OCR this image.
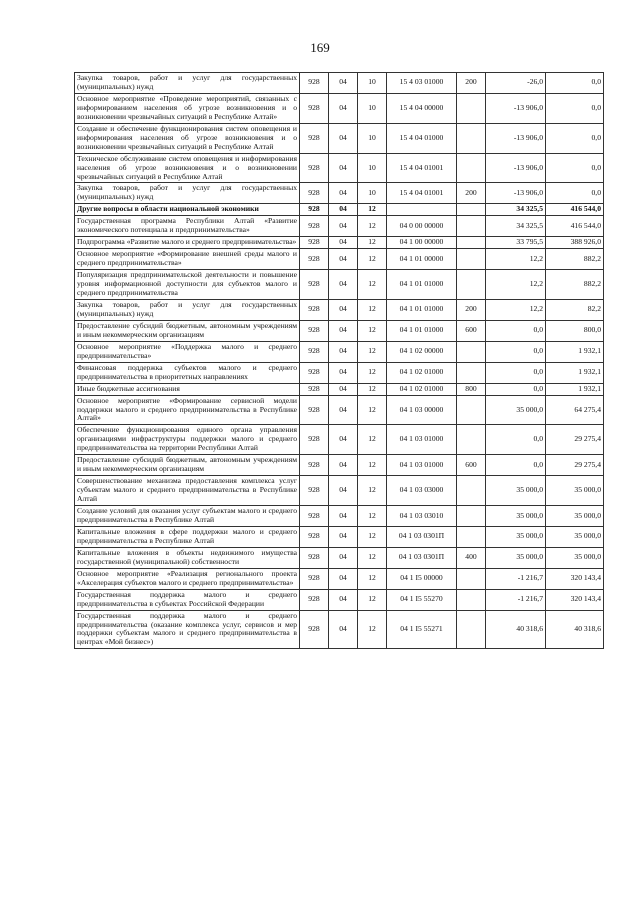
169
Закупка товаров, работ и услуг для государственных (муниципальных) нужд	928	04	10	15 4 03 01000	200	-26,0	0,0
Основное мероприятие «Проведение мероприятий, связанных с информированием населения об угрозе возникновения и о возникновении чрезвычайных ситуаций в Республике Алтай»	928	04	10	15 4 04 00000		-13 906,0	0,0
Создание и обеспечение функционирования систем оповещения и информирования населения об угрозе возникновения и о возникновении чрезвычайных ситуаций в Республике Алтай	928	04	10	15 4 04 01000		-13 906,0	0,0
Техническое обслуживание систем оповещения и информирования населения об угрозе возникновения и о возникновении чрезвычайных ситуаций в Республике Алтай	928	04	10	15 4 04 01001		-13 906,0	0,0
Закупка товаров, работ и услуг для государственных (муниципальных) нужд	928	04	10	15 4 04 01001	200	-13 906,0	0,0
Другие вопросы в области национальной экономики	928	04	12			34 325,5	416 544,0
Государственная программа Республики Алтай «Развитие экономического потенциала и предпринимательства»	928	04	12	04 0 00 00000		34 325,5	416 544,0
Подпрограмма «Развитие малого и среднего предпринимательства»	928	04	12	04 1 00 00000		33 795,5	388 926,0
Основное мероприятие «Формирование внешней среды малого и среднего предпринимательства»	928	04	12	04 1 01 00000		12,2	882,2
Популяризация предпринимательской деятельности и повышение уровня информационной доступности для субъектов малого и среднего предпринимательства	928	04	12	04 1 01 01000		12,2	882,2
Закупка товаров, работ и услуг для государственных (муниципальных) нужд	928	04	12	04 1 01 01000	200	12,2	82,2
Предоставление субсидий бюджетным, автономным учреждениям и иным некоммерческим организациям	928	04	12	04 1 01 01000	600	0,0	800,0
Основное мероприятие «Поддержка малого и среднего предпринимательства»	928	04	12	04 1 02 00000		0,0	1 932,1
Финансовая поддержка субъектов малого и среднего предпринимательства в приоритетных направлениях	928	04	12	04 1 02 01000		0,0	1 932,1
Иные бюджетные ассигнования	928	04	12	04 1 02 01000	800	0,0	1 932,1
Основное мероприятие «Формирование сервисной модели поддержки малого и среднего предпринимательства в Республике Алтай»	928	04	12	04 1 03 00000		35 000,0	64 275,4
Обеспечение функционирования единого органа управления организациями инфраструктуры поддержки малого и среднего предпринимательства на территории Республики Алтай	928	04	12	04 1 03 01000		0,0	29 275,4
Предоставление субсидий бюджетным, автономным учреждениям и иным некоммерческим организациям	928	04	12	04 1 03 01000	600	0,0	29 275,4
Совершенствование механизма предоставления комплекса услуг субъектам малого и среднего предпринимательства в Республике Алтай	928	04	12	04 1 03 03000		35 000,0	35 000,0
Создание условий для оказания услуг субъектам малого и среднего предпринимательства в Республике Алтай	928	04	12	04 1 03 03010		35 000,0	35 000,0
Капитальные вложения в сфере поддержки малого и среднего предпринимательства в Республике Алтай	928	04	12	04 1 03 0301П		35 000,0	35 000,0
Капитальные вложения в объекты недвижимого имущества государственной (муниципальной) собственности	928	04	12	04 1 03 0301П	400	35 000,0	35 000,0
Основное мероприятие «Реализация регионального проекта «Акселерация субъектов малого и среднего предпринимательства»	928	04	12	04 1 I5 00000		-1 216,7	320 143,4
Государственная поддержка малого и среднего предпринимательства в субъектах Российской Федерации	928	04	12	04 1 I5 55270		-1 216,7	320 143,4
Государственная поддержка малого и среднего предпринимательства (оказание комплекса услуг, сервисов и мер поддержки субъектам малого и среднего предпринимательства в центрах «Мой бизнес»)	928	04	12	04 1 I5 55271		40 318,6	40 318,6
